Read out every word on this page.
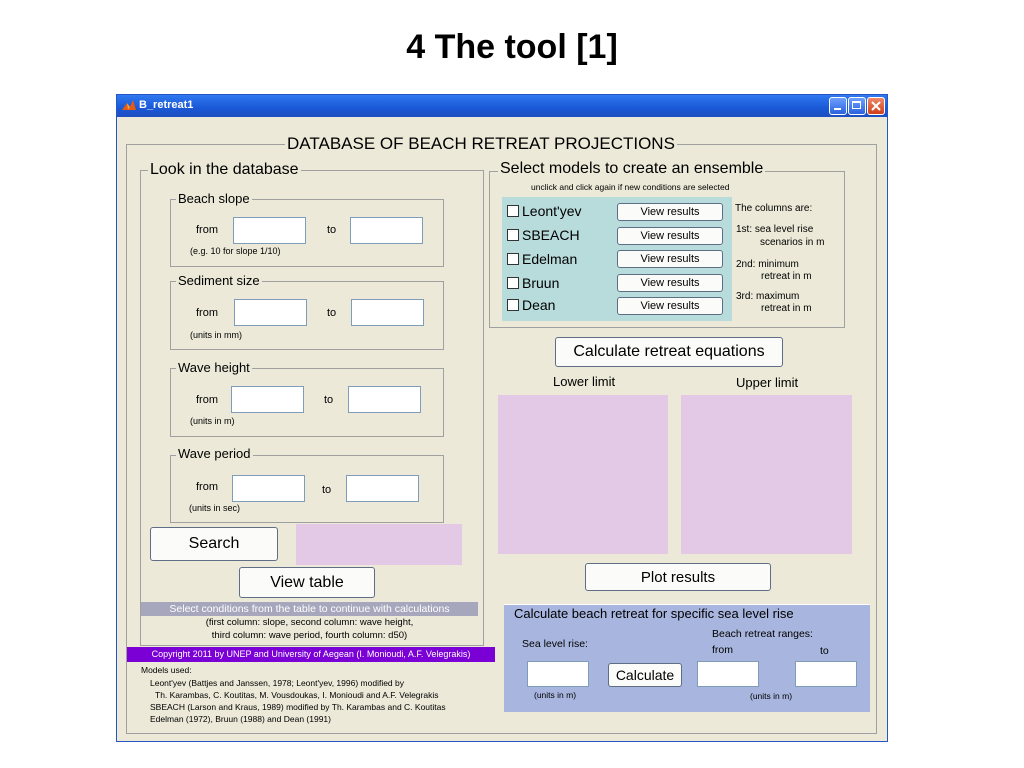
4 The tool [1]
B_retreat1
DATABASE OF BEACH RETREAT PROJECTIONS
Look in the database
Beach slope
from	to
(e.g. 10 for slope 1/10)
Sediment size
from	to
(units in mm)
Wave height
from	to
(units in m)
Wave period
from	to
(units in sec)
Search
View table
Select conditions from the table to continue with calculations
(first column: slope, second column: wave height,
third column: wave period, fourth column: d50)
Copyright 2011 by UNEP and University of Aegean (I. Monioudi, A.F. Velegrakis)
Models used:
Leont'yev (Battjes and Janssen, 1978; Leont'yev, 1996) modified by
Th. Karambas, C. Koutitas, M. Vousdoukas, I. Monioudi and A.F. Velegrakis
SBEACH (Larson and Kraus, 1989) modified by Th. Karambas and C. Koutitas
Edelman (1972), Bruun (1988) and Dean (1991)
Select models to create an ensemble
unclick and click again if new conditions are selected
Leont'yev	View results
SBEACH	View results
Edelman	View results
Bruun	View results
Dean	View results
The columns are:
1st: sea level rise
scenarios in m
2nd: minimum
retreat in m
3rd: maximum
retreat in m
Calculate retreat equations
Lower limit	Upper limit
Plot results
Calculate beach retreat for specific sea level rise
Sea level rise:
Beach retreat ranges:
from	to
Calculate
(units in m)	(units in m)
